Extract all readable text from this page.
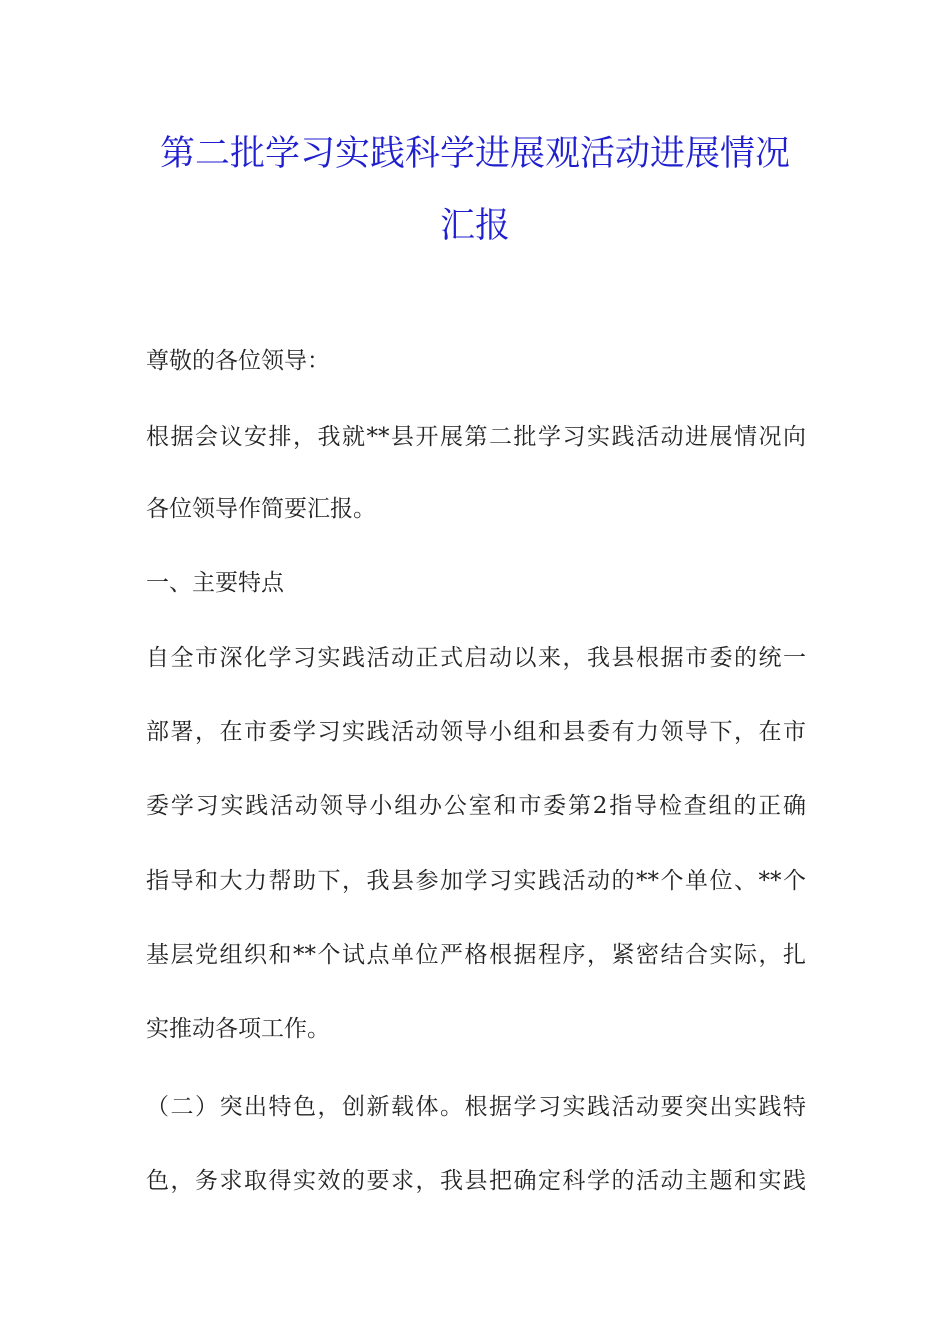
第二批学习实践科学进展观活动进展情况
汇报
尊敬的各位领导：
根据会议安排，我就**县开展第二批学习实践活动进展情况向
各位领导作简要汇报。
一、主要特点
自全市深化学习实践活动正式启动以来，我县根据市委的统一
部署，在市委学习实践活动领导小组和县委有力领导下，在市
委学习实践活动领导小组办公室和市委第2指导检查组的正确
指导和大力帮助下，我县参加学习实践活动的**个单位、**个
基层党组织和**个试点单位严格根据程序，紧密结合实际，扎
实推动各项工作。
（二）突出特色，创新载体。根据学习实践活动要突出实践特
色，务求取得实效的要求，我县把确定科学的活动主题和实践
